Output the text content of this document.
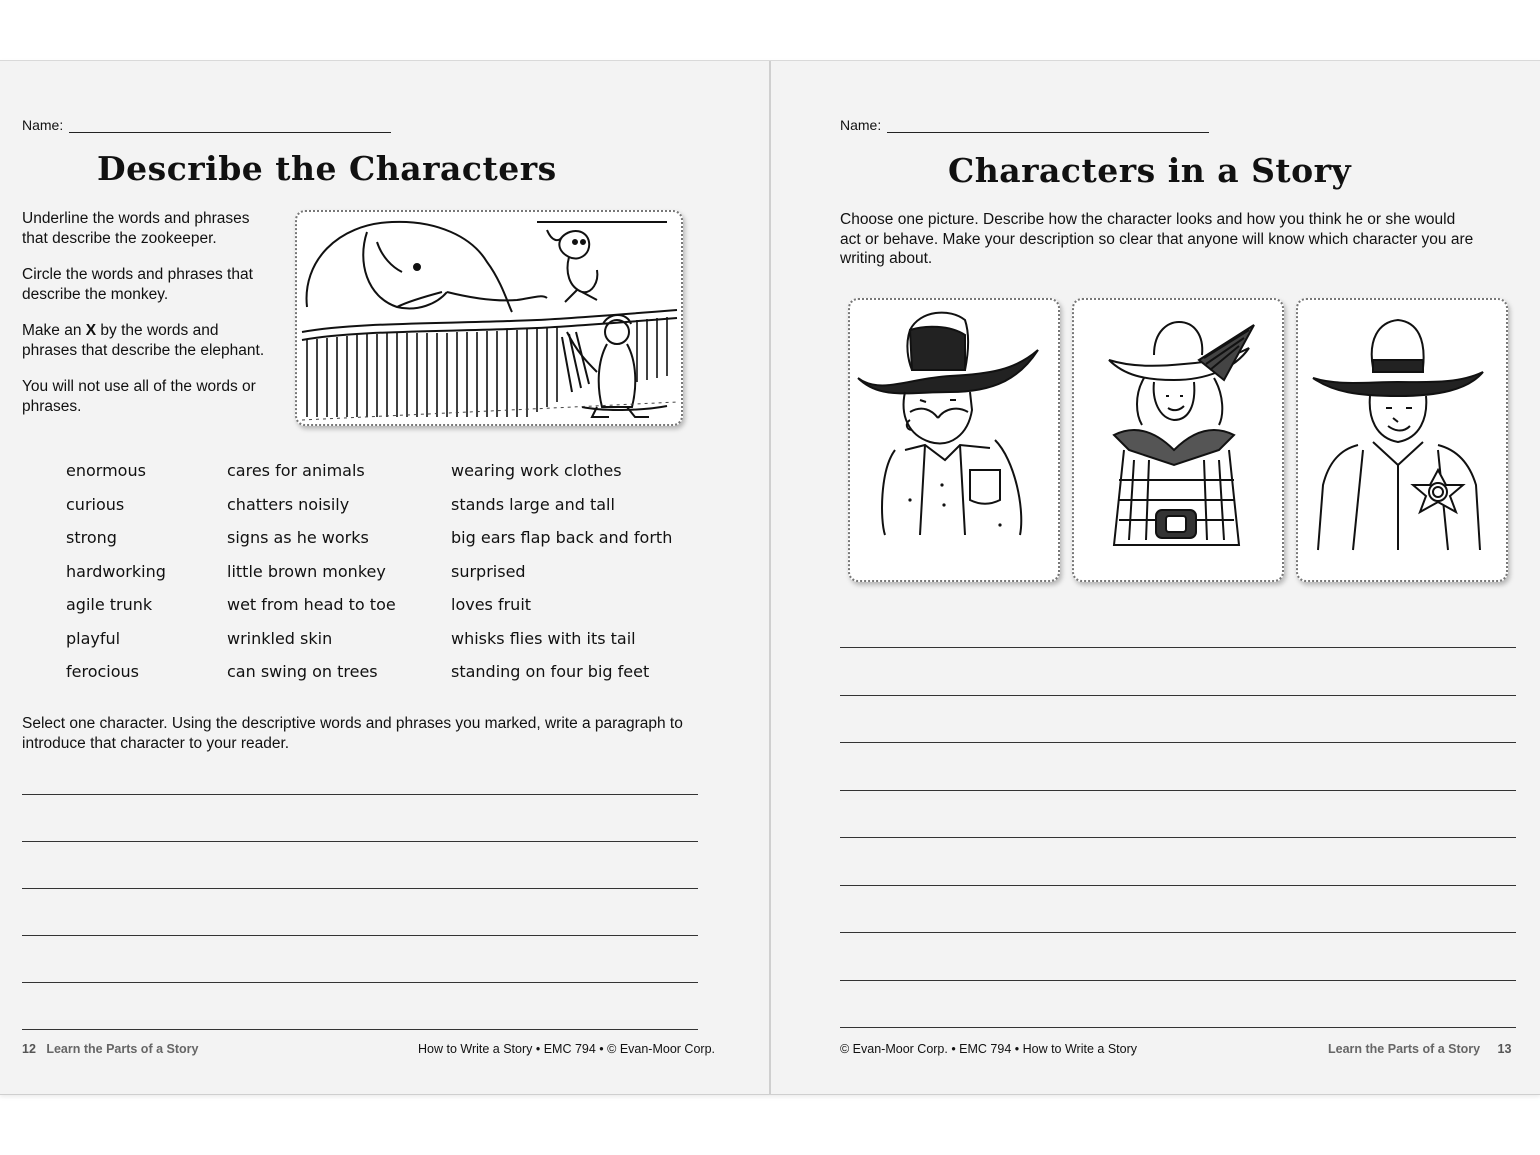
Name:
Describe the Characters

Underline the words and phrases that describe the zookeeper.

Circle the words and phrases that describe the monkey.

Make an X by the words and phrases that describe the elephant.

You will not use all of the words or phrases.

enormous
curious
strong
hardworking
agile trunk
playful
ferocious
cares for animals
chatters noisily
signs as he works
little brown monkey
wet from head to toe
wrinkled skin
can swing on trees
wearing work clothes
stands large and tall
big ears flap back and forth
surprised
loves fruit
whisks flies with its tail
standing on four big feet
Select one character. Using the descriptive words and phrases you marked, write a paragraph to introduce that character to your reader.
12 Learn the Parts of a Story	How to Write a Story • EMC 794 • © Evan-Moor Corp.
Name:
Characters in a Story
Choose one picture. Describe how the character looks and how you think he or she would act or behave. Make your description so clear that anyone will know which character you are writing about.
© Evan-Moor Corp. • EMC 794 • How to Write a Story	Learn the Parts of a Story 13
